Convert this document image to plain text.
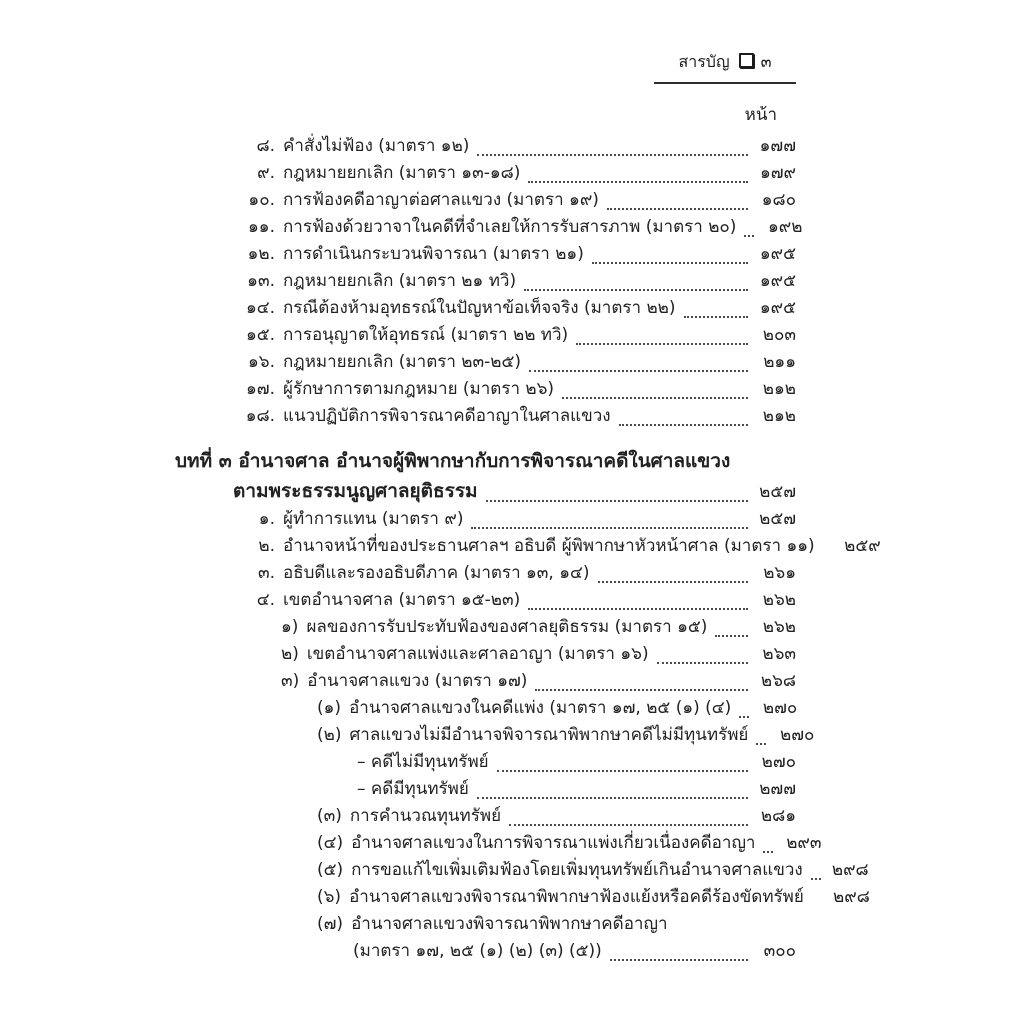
สารบัญ ๓
หน้า
๘. คำสั่งไม่ฟ้อง (มาตรา ๑๒)	๑๗๗
๙. กฎหมายยกเลิก (มาตรา ๑๓-๑๘)	๑๗๙
๑๐. การฟ้องคดีอาญาต่อศาลแขวง (มาตรา ๑๙)	๑๘๐
๑๑. การฟ้องด้วยวาจาในคดีที่จำเลยให้การรับสารภาพ (มาตรา ๒๐)	๑๙๒
๑๒. การดำเนินกระบวนพิจารณา (มาตรา ๒๑)	๑๙๕
๑๓. กฎหมายยกเลิก (มาตรา ๒๑ ทวิ)	๑๙๕
๑๔. กรณีต้องห้ามอุทธรณ์ในปัญหาข้อเท็จจริง (มาตรา ๒๒)	๑๙๕
๑๕. การอนุญาตให้อุทธรณ์ (มาตรา ๒๒ ทวิ)	๒๐๓
๑๖. กฎหมายยกเลิก (มาตรา ๒๓-๒๕)	๒๑๑
๑๗. ผู้รักษาการตามกฎหมาย (มาตรา ๒๖)	๒๑๒
๑๘. แนวปฏิบัติการพิจารณาคดีอาญาในศาลแขวง	๒๑๒
บทที่ ๓ อำนาจศาล อำนาจผู้พิพากษากับการพิจารณาคดีในศาลแขวง
ตามพระธรรมนูญศาลยุติธรรม	๒๕๗
๑. ผู้ทำการแทน (มาตรา ๙)	๒๕๗
๒. อำนาจหน้าที่ของประธานศาลฯ อธิบดี ผู้พิพากษาหัวหน้าศาล (มาตรา ๑๑)	๒๕๙
๓. อธิบดีและรองอธิบดีภาค (มาตรา ๑๓, ๑๔)	๒๖๑
๔. เขตอำนาจศาล (มาตรา ๑๕-๒๓)	๒๖๒
๑) ผลของการรับประทับฟ้องของศาลยุติธรรม (มาตรา ๑๕)	๒๖๒
๒) เขตอำนาจศาลแพ่งและศาลอาญา (มาตรา ๑๖)	๒๖๓
๓) อำนาจศาลแขวง (มาตรา ๑๗)	๒๖๘
(๑) อำนาจศาลแขวงในคดีแพ่ง (มาตรา ๑๗, ๒๕ (๑) (๔)	๒๗๐
(๒) ศาลแขวงไม่มีอำนาจพิจารณาพิพากษาคดีไม่มีทุนทรัพย์	๒๗๐
– คดีไม่มีทุนทรัพย์	๒๗๐
– คดีมีทุนทรัพย์	๒๗๗
(๓) การคำนวณทุนทรัพย์	๒๘๑
(๔) อำนาจศาลแขวงในการพิจารณาแพ่งเกี่ยวเนื่องคดีอาญา	๒๙๓
(๕) การขอแก้ไขเพิ่มเติมฟ้องโดยเพิ่มทุนทรัพย์เกินอำนาจศาลแขวง	๒๙๘
(๖) อำนาจศาลแขวงพิจารณาพิพากษาฟ้องแย้งหรือคดีร้องขัดทรัพย์	๒๙๘
(๗) อำนาจศาลแขวงพิจารณาพิพากษาคดีอาญา
(มาตรา ๑๗, ๒๕ (๑) (๒) (๓) (๕))	๓๐๐
